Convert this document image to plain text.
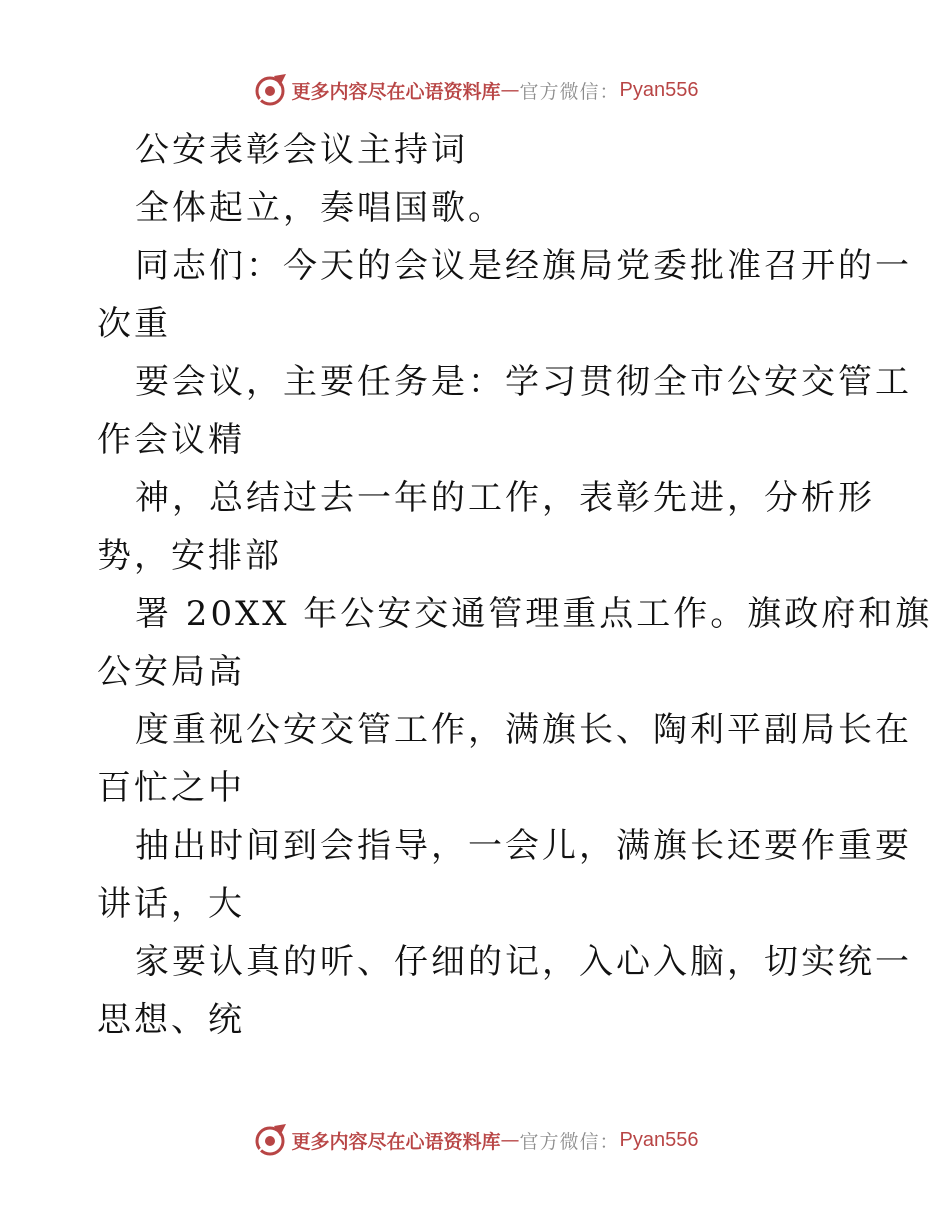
更多内容尽在心语资料库 — 官方微信： Pyan556
公安表彰会议主持词
全体起立，奏唱国歌。
同志们：今天的会议是经旗局党委批准召开的一
次重
要会议，主要任务是：学习贯彻全市公安交管工
作会议精
神，总结过去一年的工作，表彰先进，分析形
势，安排部
署 20XX 年公安交通管理重点工作。旗政府和旗
公安局高
度重视公安交管工作，满旗长、陶利平副局长在
百忙之中
抽出时间到会指导，一会儿，满旗长还要作重要
讲话，大
家要认真的听、仔细的记，入心入脑，切实统一
思想、统
更多内容尽在心语资料库 — 官方微信： Pyan556
